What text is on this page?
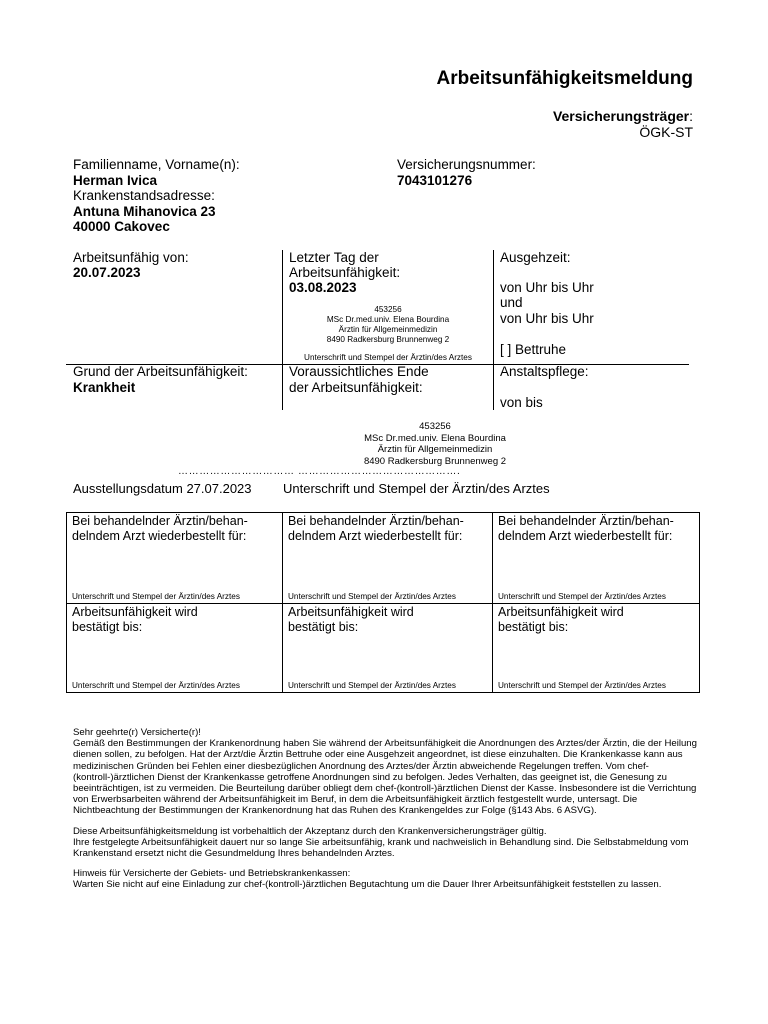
Arbeitsunfähigkeitsmeldung
Versicherungsträger:
ÖGK-ST
Familienname, Vorname(n):
Herman Ivica
Krankenstandsadresse:
Antuna Mihanovica 23
40000 Cakovec
Versicherungsnummer:
7043101276
Arbeitsunfähig von:
20.07.2023
Letzter Tag der
Arbeitsunfähigkeit:
03.08.2023
453256
MSc Dr.med.univ. Elena Bourdina
Ärztin für Allgemeinmedizin
8490 Radkersburg Brunnenweg 2
Unterschrift und Stempel der Ärztin/des Arztes
Ausgehzeit:
von Uhr bis Uhr
und
von Uhr bis Uhr
[ ] Bettruhe
Grund der Arbeitsunfähigkeit:
Krankheit
Voraussichtliches Ende
der Arbeitsunfähigkeit:
Anstaltspflege:
von bis
453256
MSc Dr.med.univ. Elena Bourdina
Ärztin für Allgemeinmedizin
8490 Radkersburg Brunnenweg 2
…………………………… ……………………………………….
Ausstellungsdatum 27.07.2023 Unterschrift und Stempel der Ärztin/des Arztes
Bei behandelnder Ärztin/behan-
delndem Arzt wiederbestellt für:
Unterschrift und Stempel der Ärztin/des Arztes
Bei behandelnder Ärztin/behan-
delndem Arzt wiederbestellt für:
Unterschrift und Stempel der Ärztin/des Arztes
Bei behandelnder Ärztin/behan-
delndem Arzt wiederbestellt für:
Unterschrift und Stempel der Ärztin/des Arztes
Arbeitsunfähigkeit wird
bestätigt bis:
Unterschrift und Stempel der Ärztin/des Arztes
Arbeitsunfähigkeit wird
bestätigt bis:
Unterschrift und Stempel der Ärztin/des Arztes
Arbeitsunfähigkeit wird
bestätigt bis:
Unterschrift und Stempel der Ärztin/des Arztes

Sehr geehrte(r) Versicherte(r)!
Gemäß den Bestimmungen der Krankenordnung haben Sie während der Arbeitsunfähigkeit die Anordnungen des Arztes/der Ärztin, die der Heilung dienen sollen, zu befolgen. Hat der Arzt/die Ärztin Bettruhe oder eine Ausgehzeit angeordnet, ist diese einzuhalten. Die Krankenkasse kann aus medizinischen Gründen bei Fehlen einer diesbezüglichen Anordnung des Arztes/der Ärztin abweichende Regelungen treffen. Vom chef-(kontroll-)ärztlichen Dienst der Krankenkasse getroffene Anordnungen sind zu befolgen. Jedes Verhalten, das geeignet ist, die Genesung zu beeinträchtigen, ist zu vermeiden. Die Beurteilung darüber obliegt dem chef-(kontroll-)ärztlichen Dienst der Kasse. Insbesondere ist die Verrichtung von Erwerbsarbeiten während der Arbeitsunfähigkeit im Beruf, in dem die Arbeitsunfähigkeit ärztlich festgestellt wurde, untersagt. Die Nichtbeachtung der Bestimmungen der Krankenordnung hat das Ruhen des Krankengeldes zur Folge (§143 Abs. 6 ASVG).

Diese Arbeitsunfähigkeitsmeldung ist vorbehaltlich der Akzeptanz durch den Krankenversicherungsträger gültig.
Ihre festgelegte Arbeitsunfähigkeit dauert nur so lange Sie arbeitsunfähig, krank und nachweislich in Behandlung sind. Die Selbstabmeldung vom Krankenstand ersetzt nicht die Gesundmeldung Ihres behandelnden Arztes.

Hinweis für Versicherte der Gebiets- und Betriebskrankenkassen:
Warten Sie nicht auf eine Einladung zur chef-(kontroll-)ärztlichen Begutachtung um die Dauer Ihrer Arbeitsunfähigkeit feststellen zu lassen.
